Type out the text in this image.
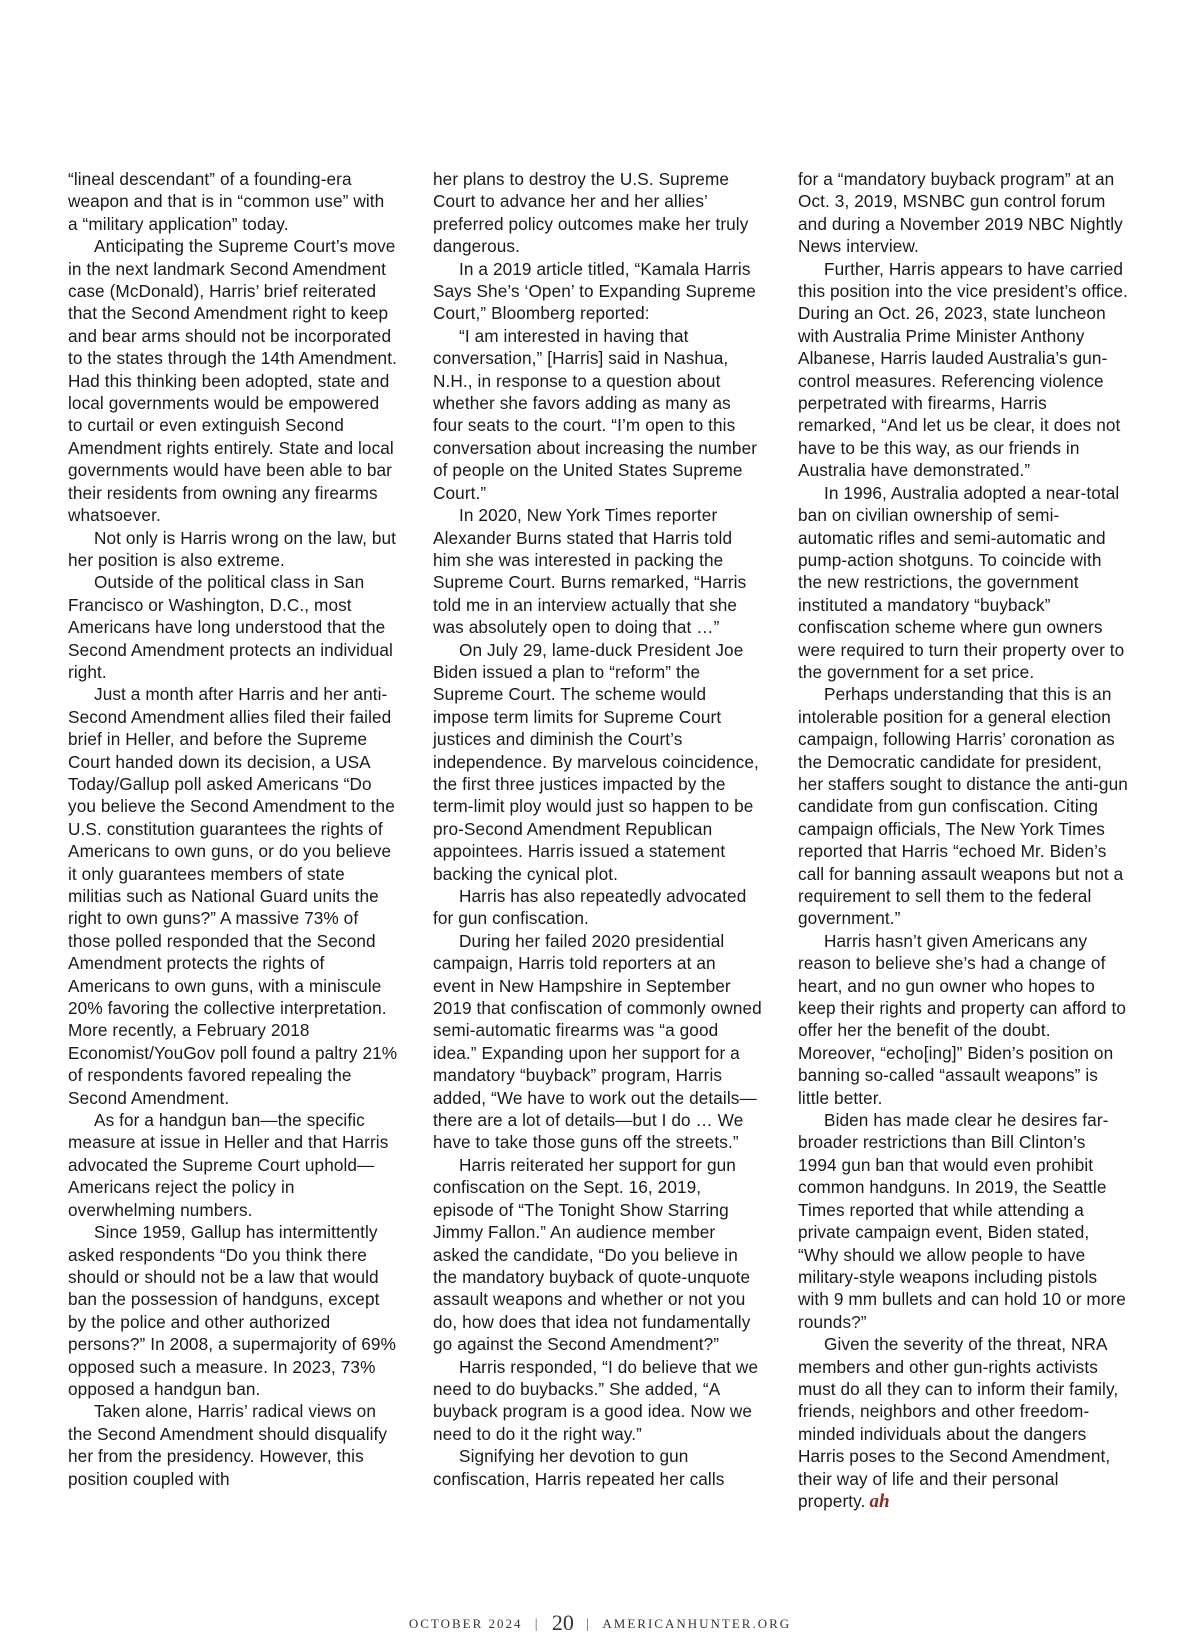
“lineal descendant” of a founding-era weapon and that is in “common use” with a “military application” today.

Anticipating the Supreme Court’s move in the next landmark Second Amendment case (McDonald), Harris’ brief reiterated that the Second Amendment right to keep and bear arms should not be incorporated to the states through the 14th Amendment. Had this thinking been adopted, state and local governments would be empowered to curtail or even extinguish Second Amendment rights entirely. State and local governments would have been able to bar their residents from owning any firearms whatsoever.

Not only is Harris wrong on the law, but her position is also extreme.

Outside of the political class in San Francisco or Washington, D.C., most Americans have long understood that the Second Amendment protects an individual right.

Just a month after Harris and her anti-Second Amendment allies filed their failed brief in Heller, and before the Supreme Court handed down its decision, a USA Today/Gallup poll asked Americans “Do you believe the Second Amendment to the U.S. constitution guarantees the rights of Americans to own guns, or do you believe it only guarantees members of state militias such as National Guard units the right to own guns?” A massive 73% of those polled responded that the Second Amendment protects the rights of Americans to own guns, with a miniscule 20% favoring the collective interpretation. More recently, a February 2018 Economist/YouGov poll found a paltry 21% of respondents favored repealing the Second Amendment.

As for a handgun ban—the specific measure at issue in Heller and that Harris advocated the Supreme Court uphold—Americans reject the policy in overwhelming numbers.

Since 1959, Gallup has intermittently asked respondents “Do you think there should or should not be a law that would ban the possession of handguns, except by the police and other authorized persons?” In 2008, a supermajority of 69% opposed such a measure. In 2023, 73% opposed a handgun ban.

Taken alone, Harris’ radical views on the Second Amendment should disqualify her from the presidency. However, this position coupled with

her plans to destroy the U.S. Supreme Court to advance her and her allies’ preferred policy outcomes make her truly dangerous.

In a 2019 article titled, “Kamala Harris Says She’s ‘Open’ to Expanding Supreme Court,” Bloomberg reported:

“I am interested in having that conversation,” [Harris] said in Nashua, N.H., in response to a question about whether she favors adding as many as four seats to the court. “I’m open to this conversation about increasing the number of people on the United States Supreme Court.”

In 2020, New York Times reporter Alexander Burns stated that Harris told him she was interested in packing the Supreme Court. Burns remarked, “Harris told me in an interview actually that she was absolutely open to doing that …”

On July 29, lame-duck President Joe Biden issued a plan to “reform” the Supreme Court. The scheme would impose term limits for Supreme Court justices and diminish the Court’s independence. By marvelous coincidence, the first three justices impacted by the term-limit ploy would just so happen to be pro-Second Amendment Republican appointees. Harris issued a statement backing the cynical plot.

Harris has also repeatedly advocated for gun confiscation.

During her failed 2020 presidential campaign, Harris told reporters at an event in New Hampshire in September 2019 that confiscation of commonly owned semi-automatic firearms was “a good idea.” Expanding upon her support for a mandatory “buyback” program, Harris added, “We have to work out the details—there are a lot of details—but I do … We have to take those guns off the streets.”

Harris reiterated her support for gun confiscation on the Sept. 16, 2019, episode of “The Tonight Show Starring Jimmy Fallon.” An audience member asked the candidate, “Do you believe in the mandatory buyback of quote-unquote assault weapons and whether or not you do, how does that idea not fundamentally go against the Second Amendment?”

Harris responded, “I do believe that we need to do buybacks.” She added, “A buyback program is a good idea. Now we need to do it the right way.”

Signifying her devotion to gun confiscation, Harris repeated her calls

for a “mandatory buyback program” at an Oct. 3, 2019, MSNBC gun control forum and during a November 2019 NBC Nightly News interview.

Further, Harris appears to have carried this position into the vice president’s office. During an Oct. 26, 2023, state luncheon with Australia Prime Minister Anthony Albanese, Harris lauded Australia’s gun-control measures. Referencing violence perpetrated with firearms, Harris remarked, “And let us be clear, it does not have to be this way, as our friends in Australia have demonstrated.”

In 1996, Australia adopted a near-total ban on civilian ownership of semi-automatic rifles and semi-automatic and pump-action shotguns. To coincide with the new restrictions, the government instituted a mandatory “buyback” confiscation scheme where gun owners were required to turn their property over to the government for a set price.

Perhaps understanding that this is an intolerable position for a general election campaign, following Harris’ coronation as the Democratic candidate for president, her staffers sought to distance the anti-gun candidate from gun confiscation. Citing campaign officials, The New York Times reported that Harris “echoed Mr. Biden’s call for banning assault weapons but not a requirement to sell them to the federal government.”

Harris hasn’t given Americans any reason to believe she’s had a change of heart, and no gun owner who hopes to keep their rights and property can afford to offer her the benefit of the doubt. Moreover, “echo[ing]” Biden’s position on banning so-called “assault weapons” is little better.

Biden has made clear he desires far-broader restrictions than Bill Clinton’s 1994 gun ban that would even prohibit common handguns. In 2019, the Seattle Times reported that while attending a private campaign event, Biden stated, “Why should we allow people to have military-style weapons including pistols with 9 mm bullets and can hold 10 or more rounds?”

Given the severity of the threat, NRA members and other gun-rights activists must do all they can to inform their family, friends, neighbors and other freedom-minded individuals about the dangers Harris poses to the Second Amendment, their way of life and their personal property. ah

OCTOBER 2024 | 20 | AMERICANHUNTER.ORG
